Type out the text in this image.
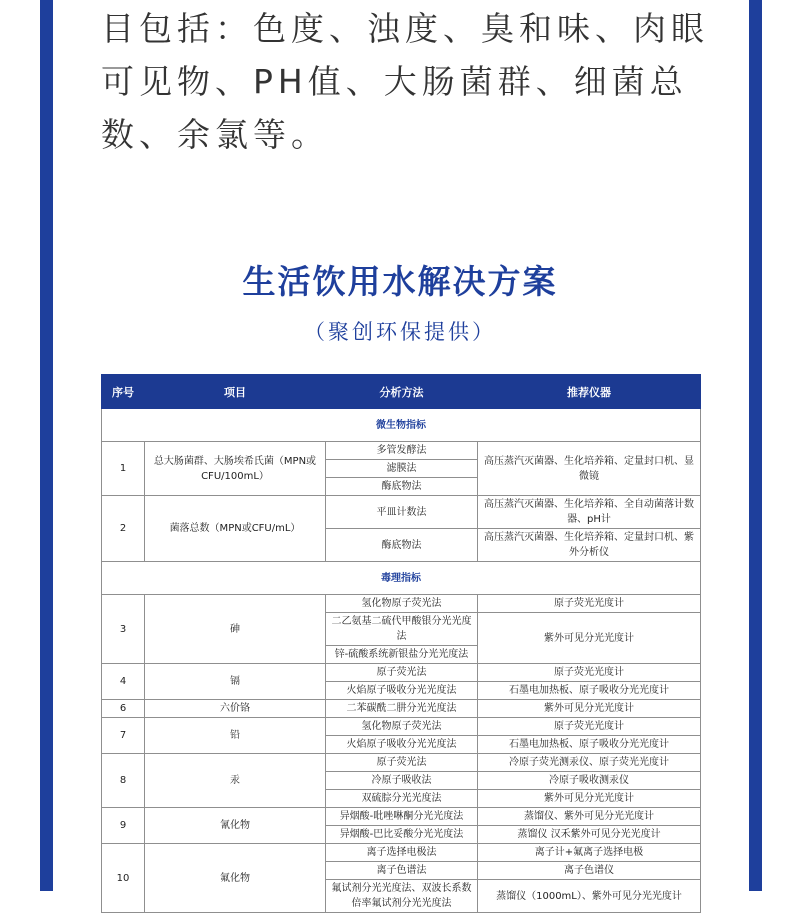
目包括：色度、浊度、臭和味、肉眼

可见物、PH值、大肠菌群、细菌总

数、余氯等。

生活饮用水解决方案
（聚创环保提供）
序号	项目	分析方法	推荐仪器
微生物指标			
1	总大肠菌群、大肠埃希氏菌（MPN或CFU/100mL）	多管发酵法	高压蒸汽灭菌器、生化培养箱、定量封口机、显微镜
		滤膜法	
		酶底物法	
2	菌落总数（MPN或CFU/mL）	平皿计数法	高压蒸汽灭菌器、生化培养箱、全自动菌落计数器、pH计
		酶底物法	高压蒸汽灭菌器、生化培养箱、定量封口机、紫外分析仪
毒理指标			
3	砷	氢化物原子荧光法	原子荧光光度计
		二乙氨基二硫代甲酸银分光光度法	紫外可见分光光度计
		锌-硫酸系统新银盐分光光度法	
4	镉	原子荧光法	原子荧光光度计
		火焰原子吸收分光光度法	石墨电加热板、原子吸收分光光度计
6	六价铬	二苯碳酰二肼分光光度法	紫外可见分光光度计
7	铅	氢化物原子荧光法	原子荧光光度计
		火焰原子吸收分光光度法	石墨电加热板、原子吸收分光光度计
8	汞	原子荧光法	冷原子荧光测汞仪、原子荧光光度计
		冷原子吸收法	冷原子吸收测汞仪
		双硫腙分光光度法	紫外可见分光光度计
9	氰化物	异烟酸-吡唑啉酮分光光度法	蒸馏仪、紫外可见分光光度计
		异烟酸-巴比妥酸分光光度法	蒸馏仪 汉禾紫外可见分光光度计
10	氟化物	离子选择电极法	离子计+氟离子选择电极
		离子色谱法	离子色谱仪
		氟试剂分光光度法、双波长系数倍率氟试剂分光光度法	蒸馏仪（1000mL）、紫外可见分光光度计
